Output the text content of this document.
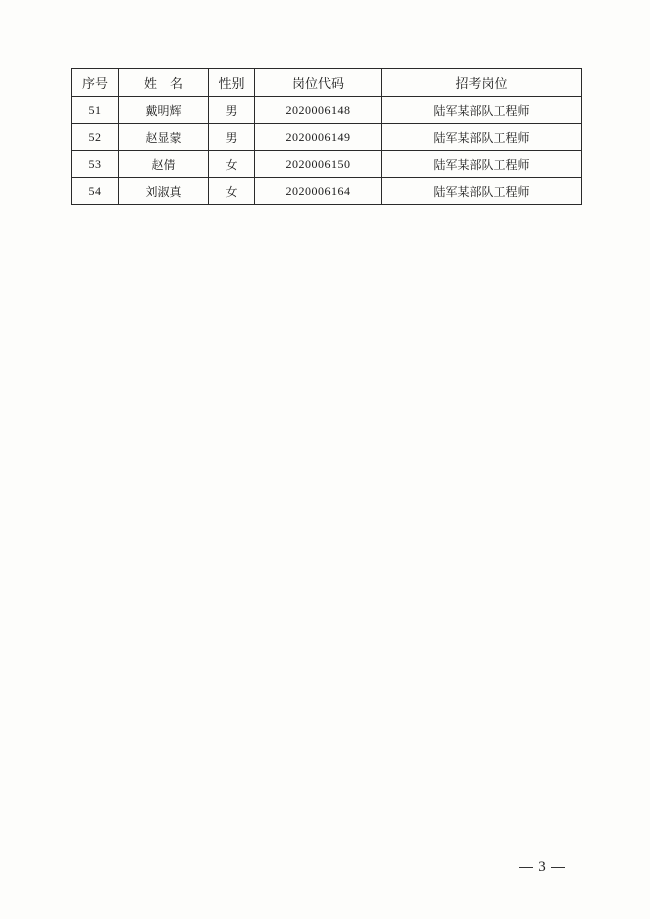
序号	姓　名	性别	岗位代码	招考岗位
51	戴明辉	男	2020006148	陆军某部队工程师
52	赵显蒙	男	2020006149	陆军某部队工程师
53	赵倩	女	2020006150	陆军某部队工程师
54	刘淑真	女	2020006164	陆军某部队工程师
3
